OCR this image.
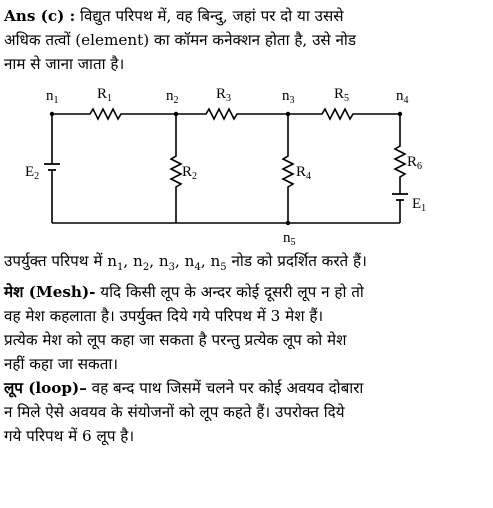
Ans (c) : विद्युत परिपथ में, वह बिन्दु, जहां पर दो या उससे
अधिक तत्वों (element) का कॉमन कनेक्शन होता है, उसे नोड
नाम से जाना जाता है।
$n_1$	$n_2$	$n_3$	$n_4$
$n_5$
$R_1$
$R_2$
$R_3$
$R_4$
$R_5$
$R_6$
$E_2$
$E_1$
उपर्युक्त परिपथ में $n_1$, $n_2$, $n_3$, $n_4$, $n_5$ नोड को प्रदर्शित करते हैं।
मेश (Mesh)- यदि किसी लूप के अन्दर कोई दूसरी लूप न हो तो
वह मेश कहलाता है। उपर्युक्त दिये गये परिपथ में 3 मेश हैं।
प्रत्येक मेश को लूप कहा जा सकता है परन्तु प्रत्येक लूप को मेश
नहीं कहा जा सकता।
लूप (loop)– वह बन्द पाथ जिसमें चलने पर कोई अवयव दोबारा
न मिले ऐसे अवयव के संयोजनों को लूप कहते हैं। उपरोक्त दिये
गये परिपथ में 6 लूप है।
